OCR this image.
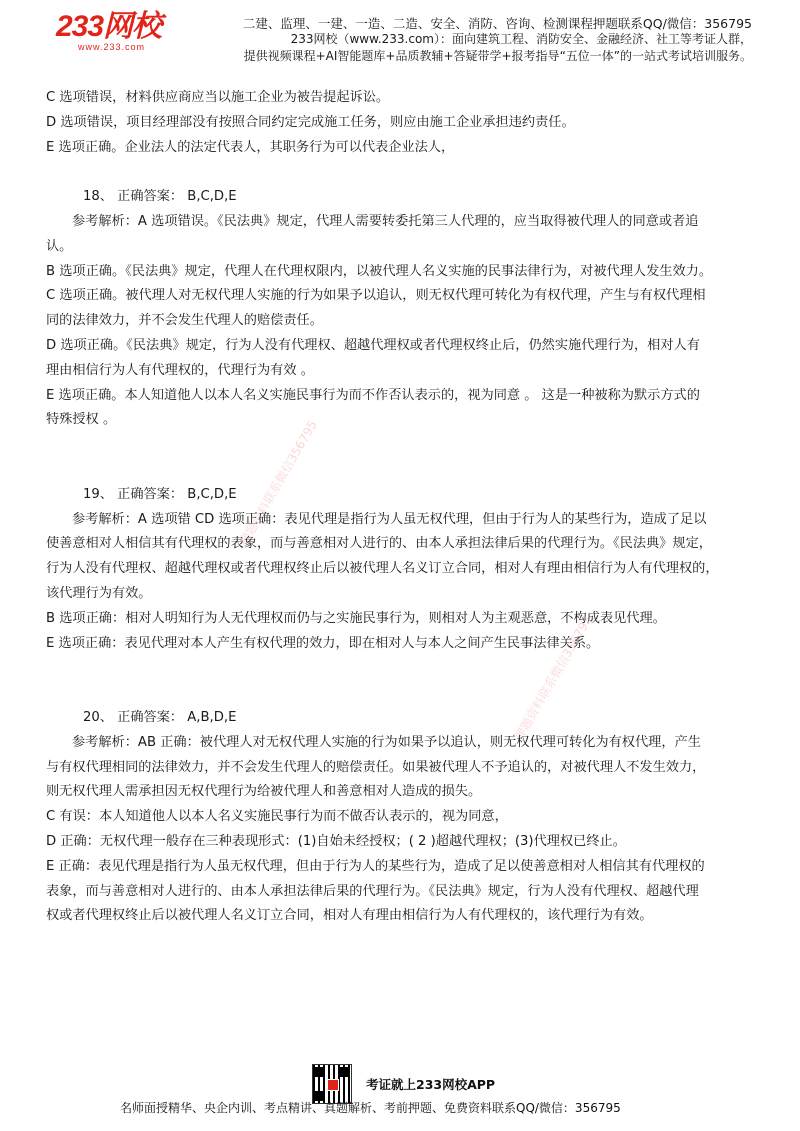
233网校
www.233.com
二建、监理、一建、一造、二造、安全、消防、咨询、检测课程押题联系QQ/微信：356795
233网校（www.233.com）：面向建筑工程、消防安全、金融经济、社工等考证人群，
提供视频课程+AI智能题库+品质教辅+答疑带学+报考指导“五位一体”的一站式考试培训服务。
C 选项错误，材料供应商应当以施工企业为被告提起诉讼。
D 选项错误，项目经理部没有按照合同约定完成施工任务，则应由施工企业承担违约责任。
E 选项正确。企业法人的法定代表人，其职务行为可以代表企业法人，
18、 正确答案： B,C,D,E
参考解析：A 选项错误。《民法典》规定，代理人需要转委托第三人代理的，应当取得被代理人的同意或者追
认。
B 选项正确。《民法典》规定，代理人在代理权限内，以被代理人名义实施的民事法律行为，对被代理人发生效力。
C 选项正确。被代理人对无权代理人实施的行为如果予以追认，则无权代理可转化为有权代理，产生与有权代理相
同的法律效力，并不会发生代理人的赔偿责任。
D 选项正确。《民法典》规定，行为人没有代理权、超越代理权或者代理权终止后，仍然实施代理行为，相对人有
理由相信行为人有代理权的，代理行为有效 。
E 选项正确。本人知道他人以本人名义实施民事行为而不作否认表示的，视为同意 。 这是一种被称为默示方式的
特殊授权 。
19、 正确答案： B,C,D,E
参考解析：A 选项错 CD 选项正确：表见代理是指行为人虽无权代理，但由于行为人的某些行为，造成了足以
使善意相对人相信其有代理权的表象，而与善意相对人进行的、由本人承担法律后果的代理行为。《民法典》规定，
行为人没有代理权、超越代理权或者代理权终止后以被代理人名义订立合同，相对人有理由相信行为人有代理权的，
该代理行为有效。
B 选项正确：相对人明知行为人无代理权而仍与之实施民事行为，则相对人为主观恶意，不构成表见代理。
E 选项正确：表见代理对本人产生有权代理的效力，即在相对人与本人之间产生民事法律关系。
20、 正确答案： A,B,D,E
参考解析：AB 正确：被代理人对无权代理人实施的行为如果予以追认，则无权代理可转化为有权代理，产生
与有权代理相同的法律效力，并不会发生代理人的赔偿责任。如果被代理人不予追认的，对被代理人不发生效力，
则无权代理人需承担因无权代理行为给被代理人和善意相对人造成的损失。
C 有误：本人知道他人以本人名义实施民事行为而不做否认表示的，视为同意，
D 正确：无权代理一般存在三种表现形式：(1)自始未经授权；( 2 )超越代理权；(3)代理权已终止。
E 正确：表见代理是指行为人虽无权代理，但由于行为人的某些行为，造成了足以使善意相对人相信其有代理权的
表象，而与善意相对人进行的、由本人承担法律后果的代理行为。《民法典》规定，行为人没有代理权、超越代理
权或者代理权终止后以被代理人名义订立合同，相对人有理由相信行为人有代理权的，该代理行为有效。
押题资料联系微信356795
押题资料联系微信356795
考证就上233网校APP
名师面授精华、央企内训、考点精讲、真题解析、考前押题、免费资料联系QQ/微信：356795
